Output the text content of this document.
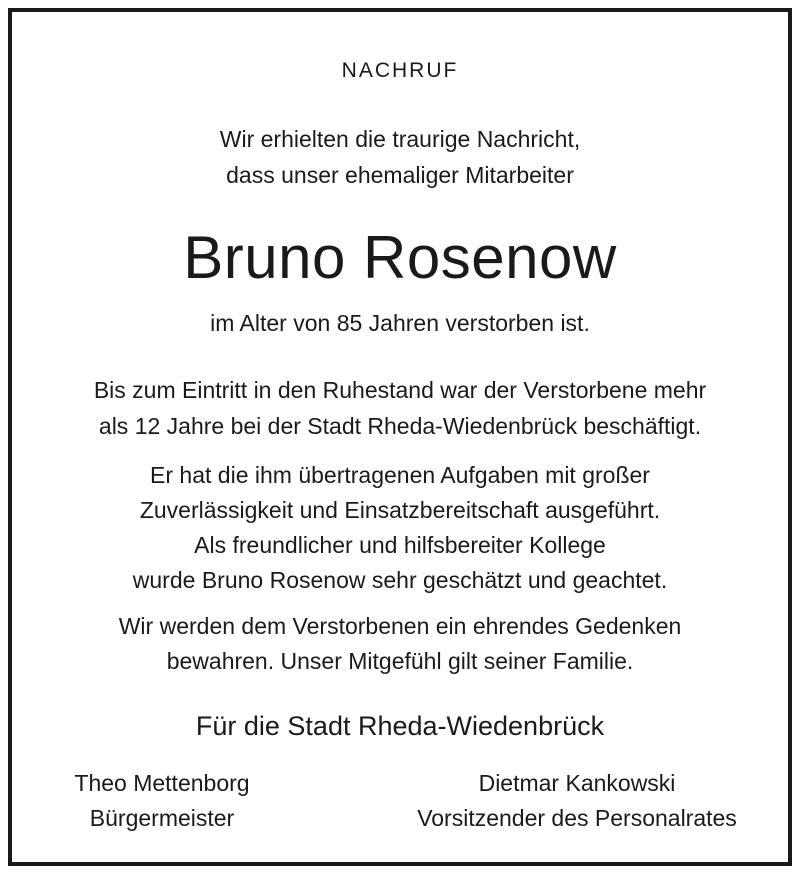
NACHRUF
Wir erhielten die traurige Nachricht,
dass unser ehemaliger Mitarbeiter
Bruno Rosenow
im Alter von 85 Jahren verstorben ist.
Bis zum Eintritt in den Ruhestand war der Verstorbene mehr
als 12 Jahre bei der Stadt Rheda-Wiedenbrück beschäftigt.
Er hat die ihm übertragenen Aufgaben mit großer
Zuverlässigkeit und Einsatzbereitschaft ausgeführt.
Als freundlicher und hilfsbereiter Kollege
wurde Bruno Rosenow sehr geschätzt und geachtet.
Wir werden dem Verstorbenen ein ehrendes Gedenken
bewahren. Unser Mitgefühl gilt seiner Familie.
Für die Stadt Rheda-Wiedenbrück
Theo Mettenborg
Bürgermeister
Dietmar Kankowski
Vorsitzender des Personalrates
